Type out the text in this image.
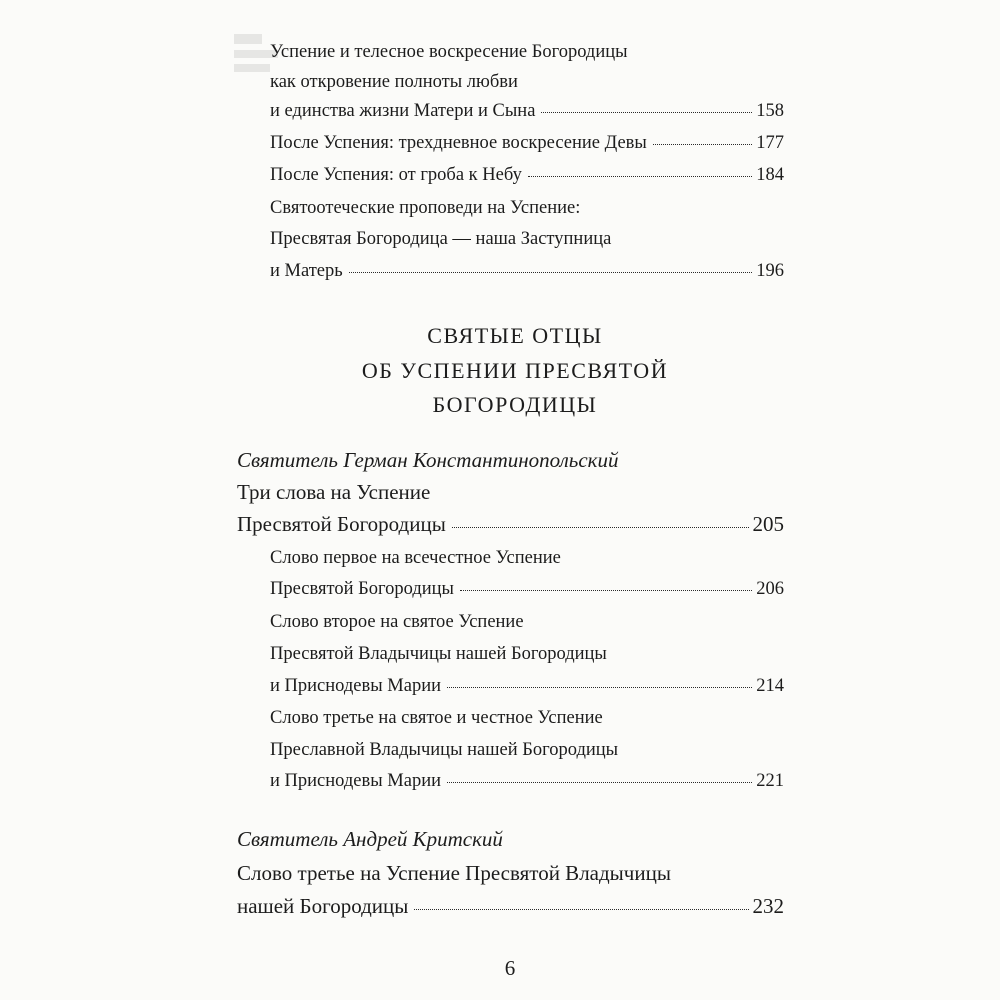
Успение и телесное воскресение Богородицы
как откровение полноты любви
и единства жизни Матери и Сына	158
После Успения: трехдневное воскресение Девы	177
После Успения: от гроба к Небу	184
Святоотеческие проповеди на Успение:
Пресвятая Богородица — наша Заступница
и Матерь	196
СВЯТЫЕ ОТЦЫ
ОБ УСПЕНИИ ПРЕСВЯТОЙ
БОГОРОДИЦЫ
Святитель Герман Константинопольский
Три слова на Успение
Пресвятой Богородицы	205
Слово первое на всечестное Успение
Пресвятой Богородицы	206
Слово второе на святое Успение
Пресвятой Владычицы нашей Богородицы
и Приснодевы Марии	214
Слово третье на святое и честное Успение
Преславной Владычицы нашей Богородицы
и Приснодевы Марии	221
Святитель Андрей Критский
Слово третье на Успение Пресвятой Владычицы
нашей Богородицы	232
6
